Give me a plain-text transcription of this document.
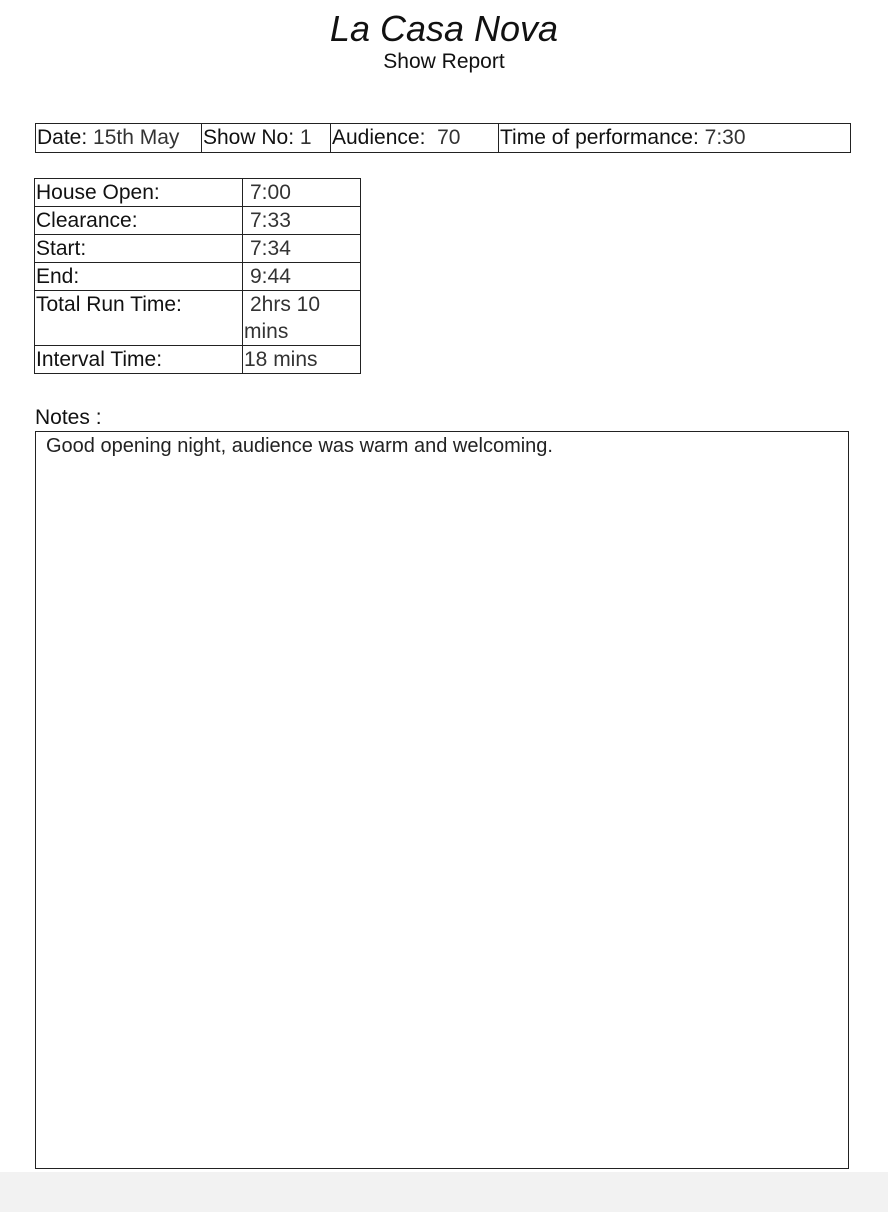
La Casa Nova
Show Report
Date: 15th May	Show No: 1 Audience: 70	Time of performance: 7:30
House Open:	7:00
Clearance:	7:33
Start:	7:34
End:	9:44
Total Run Time:	2hrs 10 mins
Interval Time:	18 mins
Notes :
Good opening night, audience was warm and welcoming.
